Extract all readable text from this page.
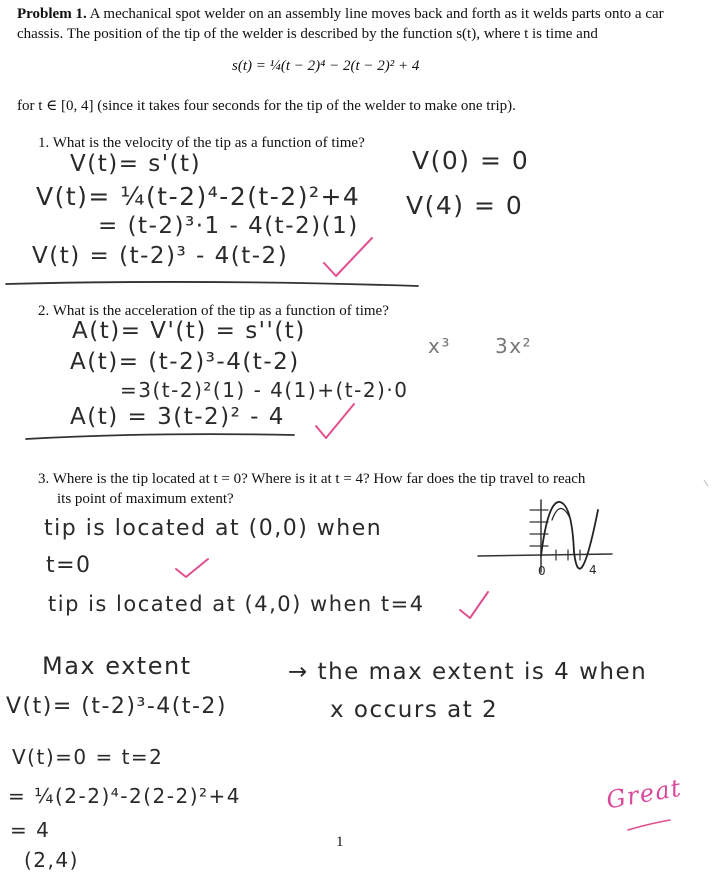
Problem 1. A mechanical spot welder on an assembly line moves back and forth as it welds parts onto a car chassis. The position of the tip of the welder is described by the function s(t), where t is time and
s(t) = ¼(t − 2)⁴ − 2(t − 2)² + 4
for t ∈ [0, 4] (since it takes four seconds for the tip of the welder to make one trip).
1. What is the velocity of the tip as a function of time?
V(t)= s'(t)
V(t)= ¼(t-2)⁴-2(t-2)²+4
= (t-2)³·1 - 4(t-2)(1)
V(t) = (t-2)³ - 4(t-2)
V(0) = 0
V(4) = 0
2. What is the acceleration of the tip as a function of time?
A(t)= V'(t) = s''(t)
A(t)= (t-2)³-4(t-2)
=3(t-2)²(1) - 4(1)+(t-2)·0
A(t) = 3(t-2)² - 4
x³ 3x²
3. Where is the tip located at t = 0? Where is it at t = 4? How far does the tip travel to reach
its point of maximum extent?
tip is located at (0,0) when
t=0
tip is located at (4,0) when t=4
0	4
Max extent
V(t)= (t-2)³-4(t-2)
→ the max extent is 4 when
x occurs at 2
V(t)=0 = t=2
= ¼(2-2)⁴-2(2-2)²+4
= 4
(2,4)
Great
1
